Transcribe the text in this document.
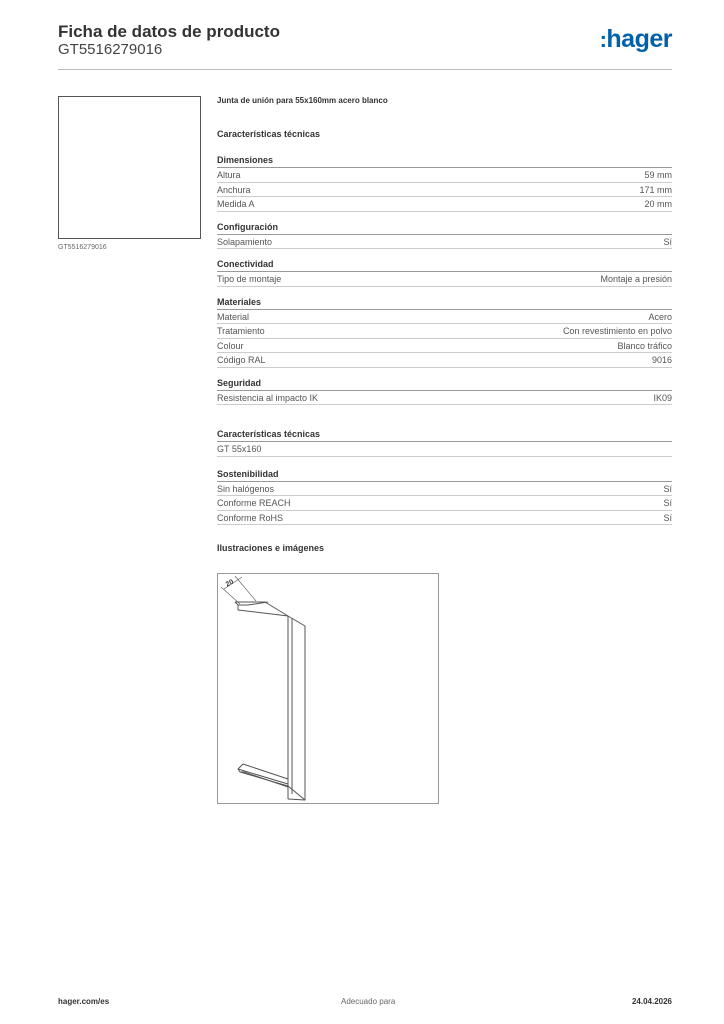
Ficha de datos de producto
GT5516279016	:hager
GT5516279016
Junta de unión para 55x160mm acero blanco
Características técnicas
Dimensiones
Altura	59 mm
Anchura	171 mm
Medida A	20 mm
Configuración
Solapamiento	Sí
Conectividad
Tipo de montaje	Montaje a presión
Materiales
Material	Acero
Tratamiento	Con revestimiento en polvo
Colour	Blanco tráfico
Código RAL	9016
Seguridad
Resistencia al impacto IK	IK09
Características técnicas
GT 55x160
Sostenibilidad
Sin halógenos	Sí
Conforme REACH	Sí
Conforme RoHS	Sí
Ilustraciones e imágenes
20
hager.com/es	Adecuado para	24.04.2026
